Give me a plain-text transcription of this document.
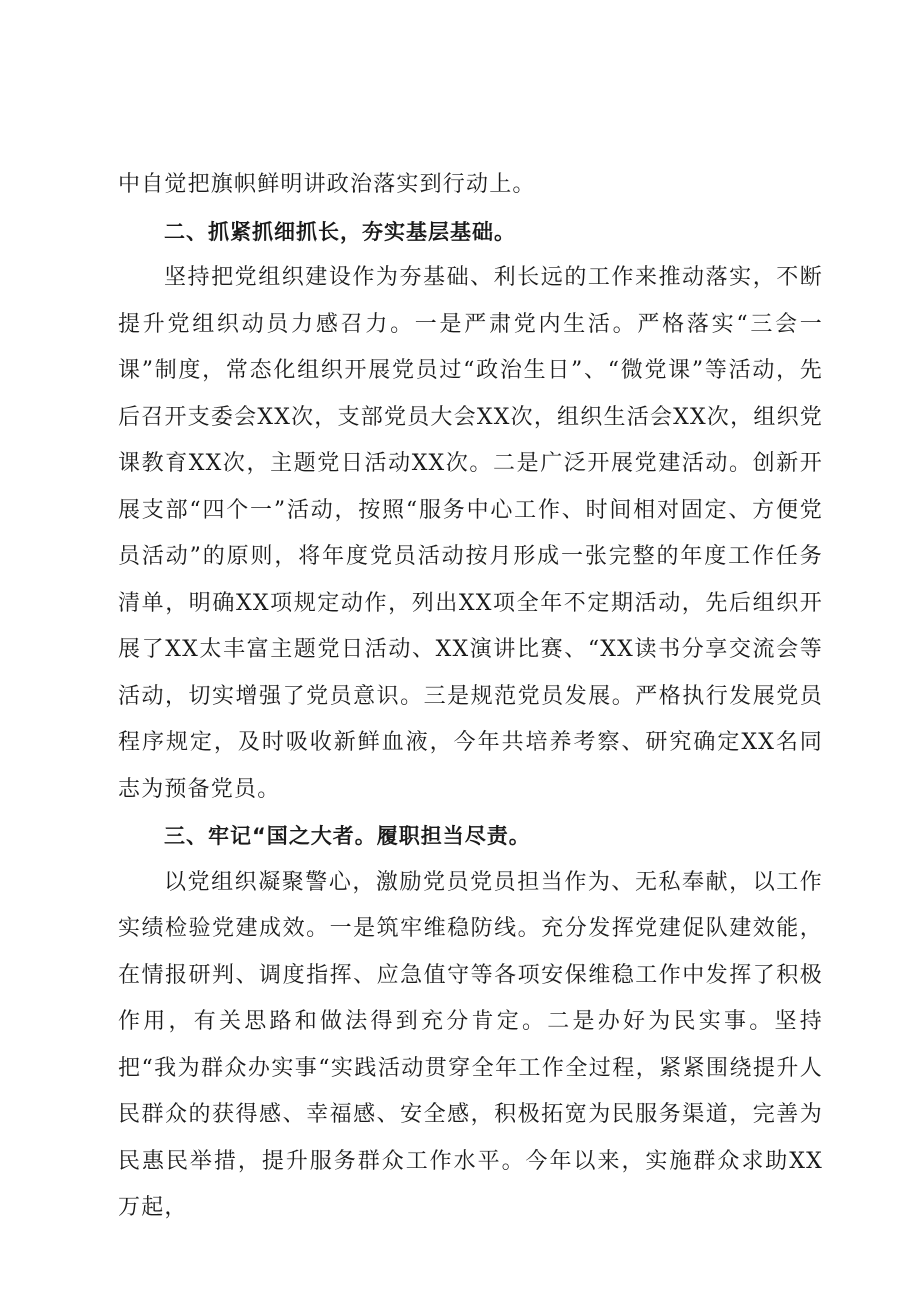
中自觉把旗帜鲜明讲政治落实到行动上。

二、抓紧抓细抓长，夯实基层基础。

坚持把党组织建设作为夯基础、利长远的工作来推动落实，不断提升党组织动员力感召力。一是严肃党内生活。严格落实“三会一课”制度，常态化组织开展党员过“政治生日”、“微党课”等活动，先后召开支委会XX次，支部党员大会XX次，组织生活会XX次，组织党课教育XX次，主题党日活动XX次。二是广泛开展党建活动。创新开展支部“四个一”活动，按照“服务中心工作、时间相对固定、方便党员活动”的原则，将年度党员活动按月形成一张完整的年度工作任务清单，明确XX项规定动作，列出XX项全年不定期活动，先后组织开展了XX太丰富主题党日活动、XX演讲比赛、“XX读书分享交流会等活动，切实增强了党员意识。三是规范党员发展。严格执行发展党员程序规定，及时吸收新鲜血液，今年共培养考察、研究确定XX名同志为预备党员。

三、牢记“国之大者。履职担当尽责。

以党组织凝聚警心，激励党员党员担当作为、无私奉献，以工作实绩检验党建成效。一是筑牢维稳防线。充分发挥党建促队建效能，在情报研判、调度指挥、应急值守等各项安保维稳工作中发挥了积极作用，有关思路和做法得到充分肯定。二是办好为民实事。坚持把“我为群众办实事“实践活动贯穿全年工作全过程，紧紧围绕提升人民群众的获得感、幸福感、安全感，积极拓宽为民服务渠道，完善为民惠民举措，提升服务群众工作水平。今年以来，实施群众求助XX万起，
